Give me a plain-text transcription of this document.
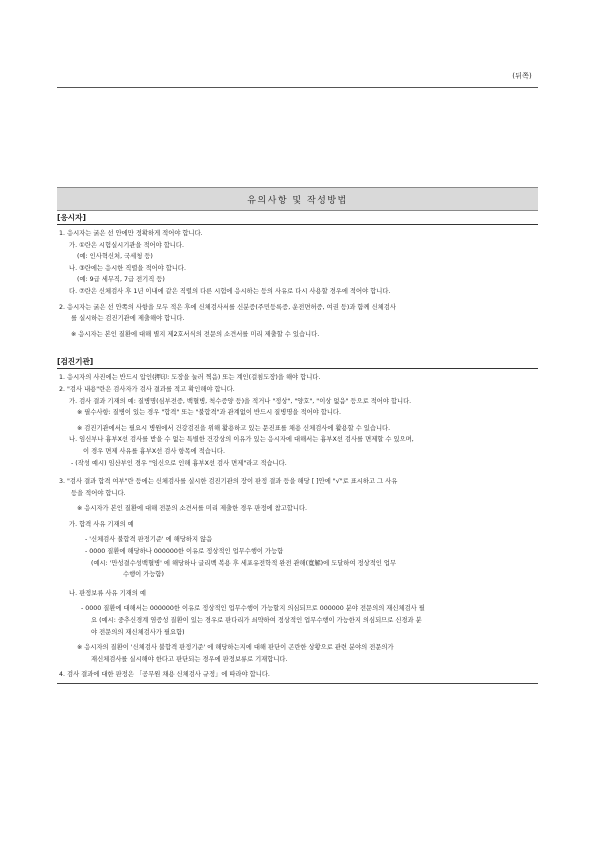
(뒤쪽)
유의사항 및 작성방법
[응시자]
1. 응시자는 굵은 선 안에만 정확하게 적어야 합니다.
가. ①란은 시험실시기관을 적어야 합니다.
(예: 인사혁신처, 국세청 등)
나. ③란에는 응시한 직렬을 적어야 합니다.
(예: 9급 세무직, 7급 전기직 등)
다. ⑦란은 신체검사 후 1년 이내에 같은 직렬의 다른 시험에 응시하는 등의 사유로 다시 사용할 경우에 적어야 합니다.
2. 응시자는 굵은 선 안쪽의 사항을 모두 적은 후에 신체검사서를 신분증(주민등록증, 운전면허증, 여권 등)과 함께 신체검사
를 실시하는 검진기관에 제출해야 합니다.
※ 응시자는 본인 질환에 대해 별지 제2호서식의 전문의 소견서를 미리 제출할 수 있습니다.
[검진기관]
1. 응시자의 사진에는 반드시 압인(押印: 도장을 눌러 찍음) 또는 계인(걸침도장)을 해야 합니다.
2. "검사 내용"란은 검사자가 검사 결과를 적고 확인해야 합니다.
가. 검사 결과 기재의 예: 질병명(심부전증, 백혈병, 척수증양 등)을 적거나 "정상", "양호", "이상 없음" 등으로 적어야 합니다.
※ 필수사항: 질병이 있는 경우 "합격" 또는 "불합격"과 관계없이 반드시 질병명을 적어야 합니다.
※ 검진기관에서는 필요시 병원에서 건강검진을 위해 활용하고 있는 문진표를 채용 신체검사에 활용할 수 있습니다.
나. 임신부나 흉부X선 검사를 받을 수 없는 특별한 건강상의 이유가 있는 응시자에 대해서는 흉부X선 검사를 면제할 수 있으며,
이 경우 면제 사유를 흉부X선 검사 항목에 적습니다.
- (작성 예시) 임산부인 경우 "임신으로 인해 흉부X선 검사 면제"라고 적습니다.
3. "검사 결과 합격 여부"란 등에는 신체검사를 실시한 검진기관의 장이 판정 결과 등을 해당 [ ]안에 "√"로 표시하고 그 사유
등을 적어야 합니다.
※ 응시자가 본인 질환에 대해 전문의 소견서를 미리 제출한 경우 판정에 참고합니다.
가. 합격 사유 기재의 예
- '신체검사 불합격 판정기준' 에 해당하지 않음
- 0000 질환에 해당하나 000000한 이유로 정상적인 업무수행이 가능함
(예시: '만성결수성백혈병' 에 해당하나 글리벡 복용 후 세포유전학적 완전 관해(寬解)에 도달하여 정상적인 업무
수행이 가능함)
나. 판정보류 사유 기재의 예
- 0000 질환에 대해서는 000000한 이유로 정상적인 업무수행이 가능할지 의심되므로 000000 분야 전문의의 재신체검사 필
요 (예시: 중추신경계 염증성 질환이 있는 경우로 판다리가 쇠약하여 정상적인 업무수행이 가능한지 의심되므로 신경과 분
야 전문의의 재신체검사가 필요함)
※ 응시자의 질환이 '신체검사 불합격 판정기준' 에 해당하는지에 대해 판단이 곤란한 상황으로 관련 분야의 전문의가
재신체검사를 실시해야 한다고 판단되는 경우에 판정보류로 기재합니다.
4. 검사 결과에 대한 판정은 「공무원 채용 신체검사 규정」에 따라야 합니다.
